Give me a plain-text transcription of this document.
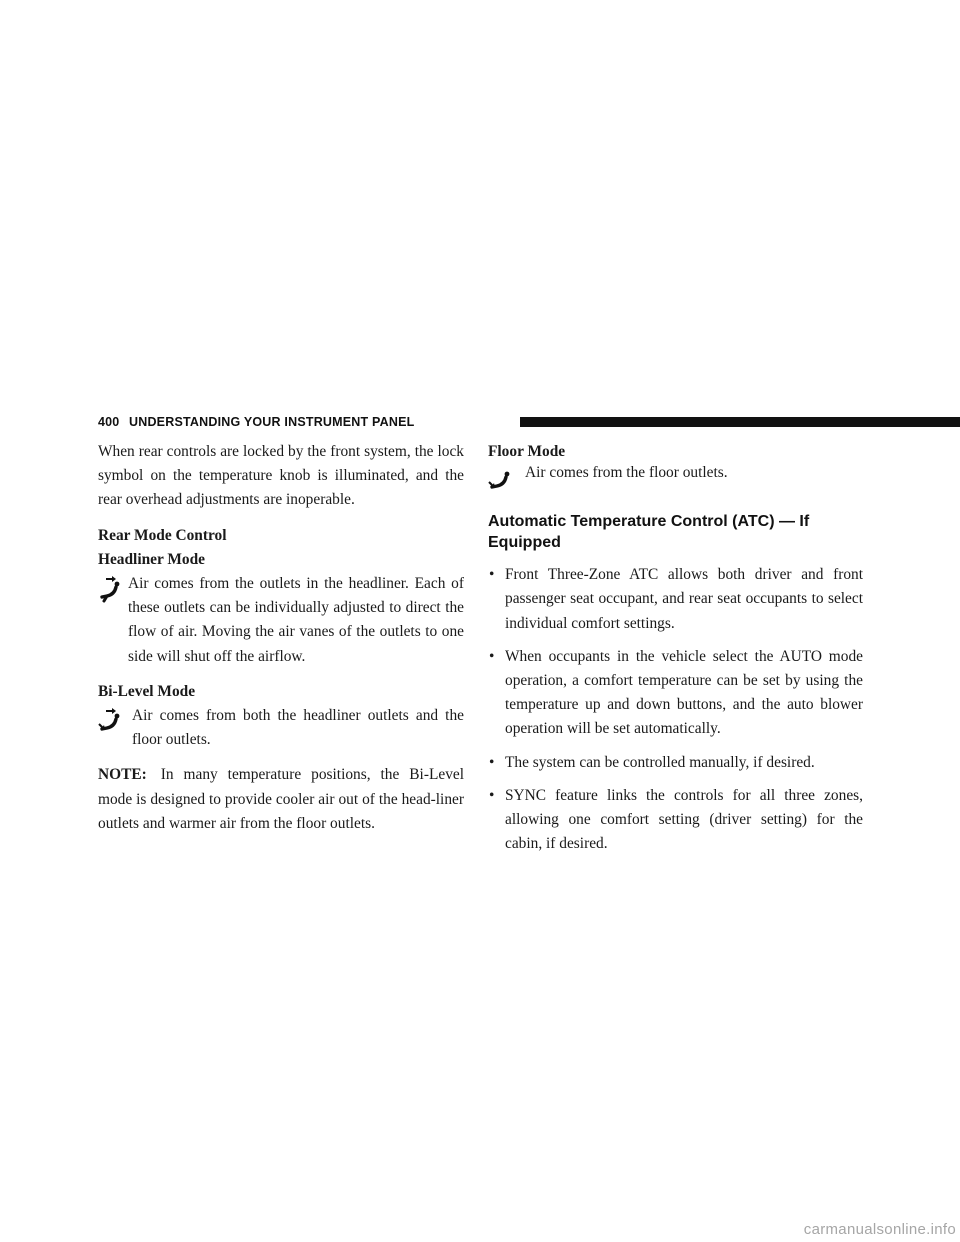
400 UNDERSTANDING YOUR INSTRUMENT PANEL

When rear controls are locked by the front system, the lock symbol on the temperature knob is illuminated, and the rear overhead adjustments are inoperable.

Rear Mode Control

Headliner Mode

Air comes from the outlets in the headliner. Each of these outlets can be individually adjusted to direct the flow of air. Moving the air vanes of the outlets to one side will shut off the airflow.

Bi-Level Mode

Air comes from both the headliner outlets and the floor outlets.

NOTE: In many temperature positions, the Bi-Level mode is designed to provide cooler air out of the head-liner outlets and warmer air from the floor outlets.

Floor Mode

Air comes from the floor outlets.

Automatic Temperature Control (ATC) — If Equipped
• Front Three-Zone ATC allows both driver and front passenger seat occupant, and rear seat occupants to select individual comfort settings.
• When occupants in the vehicle select the AUTO mode operation, a comfort temperature can be set by using the temperature up and down buttons, and the auto blower operation will be set automatically.
• The system can be controlled manually, if desired.
• SYNC feature links the controls for all three zones, allowing one comfort setting (driver setting) for the cabin, if desired.
carmanualsonline.info
